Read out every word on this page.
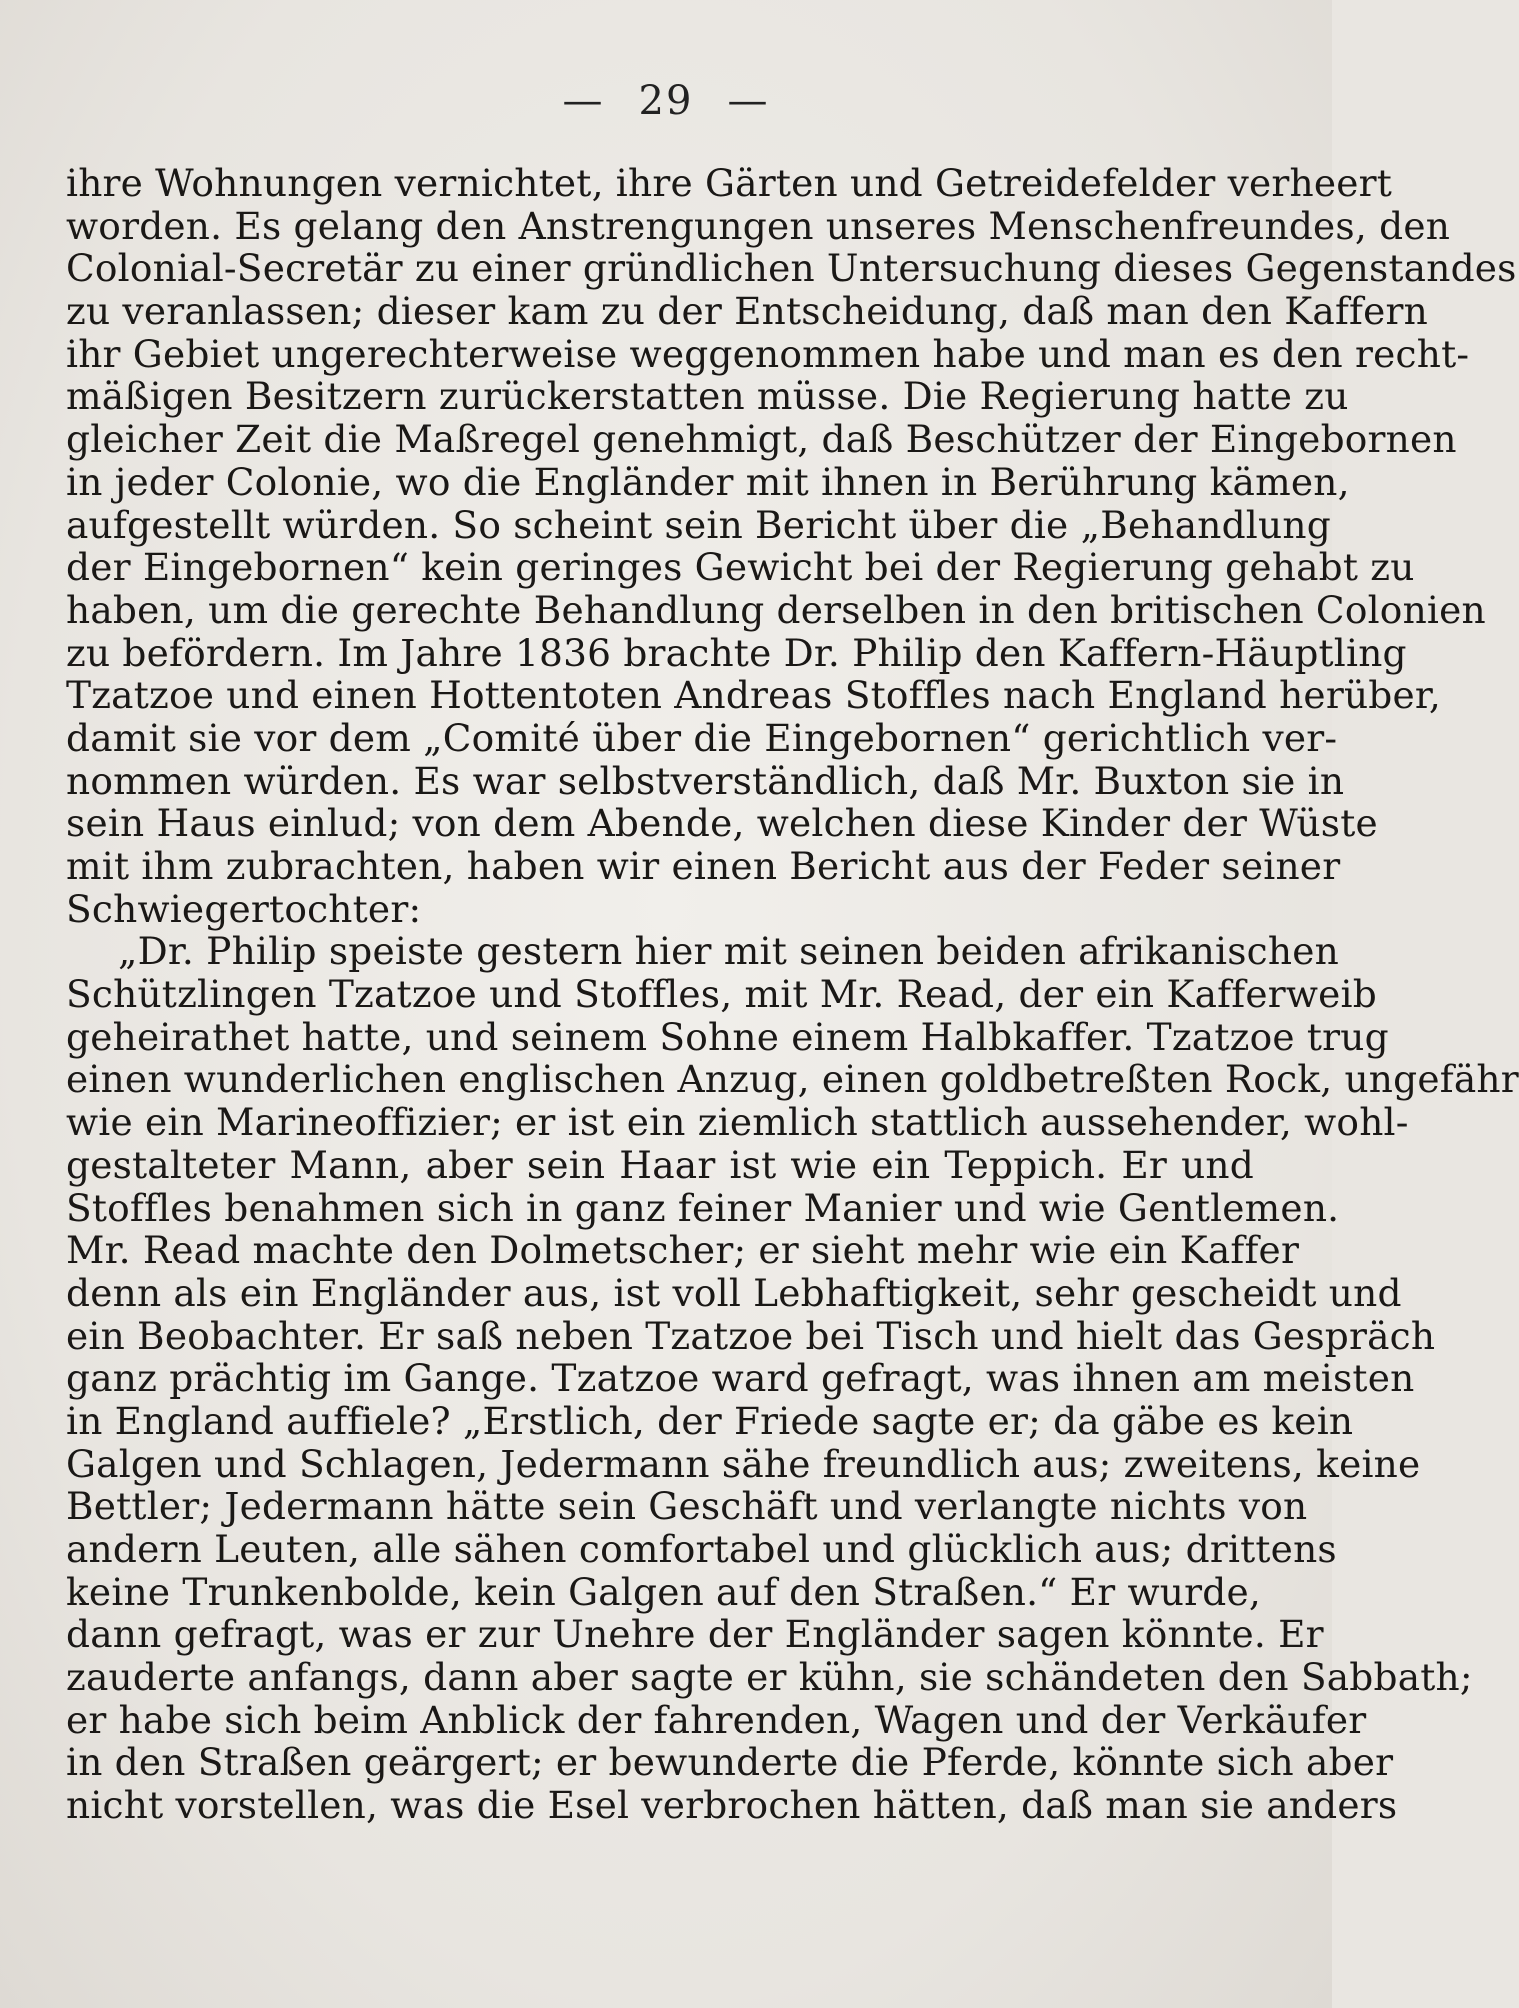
— 29 —
ihre Wohnungen vernichtet, ihre Gärten und Getreidefelder verheert
worden. Es gelang den Anstrengungen unseres Menschenfreundes, den
Colonial-Secretär zu einer gründlichen Untersuchung dieses Gegenstandes
zu veranlassen; dieser kam zu der Entscheidung, daß man den Kaffern
ihr Gebiet ungerechterweise weggenommen habe und man es den recht-
mäßigen Besitzern zurückerstatten müsse. Die Regierung hatte zu
gleicher Zeit die Maßregel genehmigt, daß Beschützer der Eingebornen
in jeder Colonie, wo die Engländer mit ihnen in Berührung kämen,
aufgestellt würden. So scheint sein Bericht über die „Behandlung
der Eingebornen“ kein geringes Gewicht bei der Regierung gehabt zu
haben, um die gerechte Behandlung derselben in den britischen Colonien
zu befördern. Im Jahre 1836 brachte Dr. Philip den Kaffern-Häuptling
Tzatzoe und einen Hottentoten Andreas Stoffles nach England herüber,
damit sie vor dem „Comité über die Eingebornen“ gerichtlich ver-
nommen würden. Es war selbstverständlich, daß Mr. Buxton sie in
sein Haus einlud; von dem Abende, welchen diese Kinder der Wüste
mit ihm zubrachten, haben wir einen Bericht aus der Feder seiner
Schwiegertochter:
„Dr. Philip speiste gestern hier mit seinen beiden afrikanischen
Schützlingen Tzatzoe und Stoffles, mit Mr. Read, der ein Kafferweib
geheirathet hatte, und seinem Sohne einem Halbkaffer. Tzatzoe trug
einen wunderlichen englischen Anzug, einen goldbetreßten Rock, ungefähr
wie ein Marineoffizier; er ist ein ziemlich stattlich aussehender, wohl-
gestalteter Mann, aber sein Haar ist wie ein Teppich. Er und
Stoffles benahmen sich in ganz feiner Manier und wie Gentlemen.
Mr. Read machte den Dolmetscher; er sieht mehr wie ein Kaffer
denn als ein Engländer aus, ist voll Lebhaftigkeit, sehr gescheidt und
ein Beobachter. Er saß neben Tzatzoe bei Tisch und hielt das Gespräch
ganz prächtig im Gange. Tzatzoe ward gefragt, was ihnen am meisten
in England auffiele? „Erstlich, der Friede sagte er; da gäbe es kein
Galgen und Schlagen, Jedermann sähe freundlich aus; zweitens, keine
Bettler; Jedermann hätte sein Geschäft und verlangte nichts von
andern Leuten, alle sähen comfortabel und glücklich aus; drittens
keine Trunkenbolde, kein Galgen auf den Straßen.“ Er wurde,
dann gefragt, was er zur Unehre der Engländer sagen könnte. Er
zauderte anfangs, dann aber sagte er kühn, sie schändeten den Sabbath;
er habe sich beim Anblick der fahrenden, Wagen und der Verkäufer
in den Straßen geärgert; er bewunderte die Pferde, könnte sich aber
nicht vorstellen, was die Esel verbrochen hätten, daß man sie anders
